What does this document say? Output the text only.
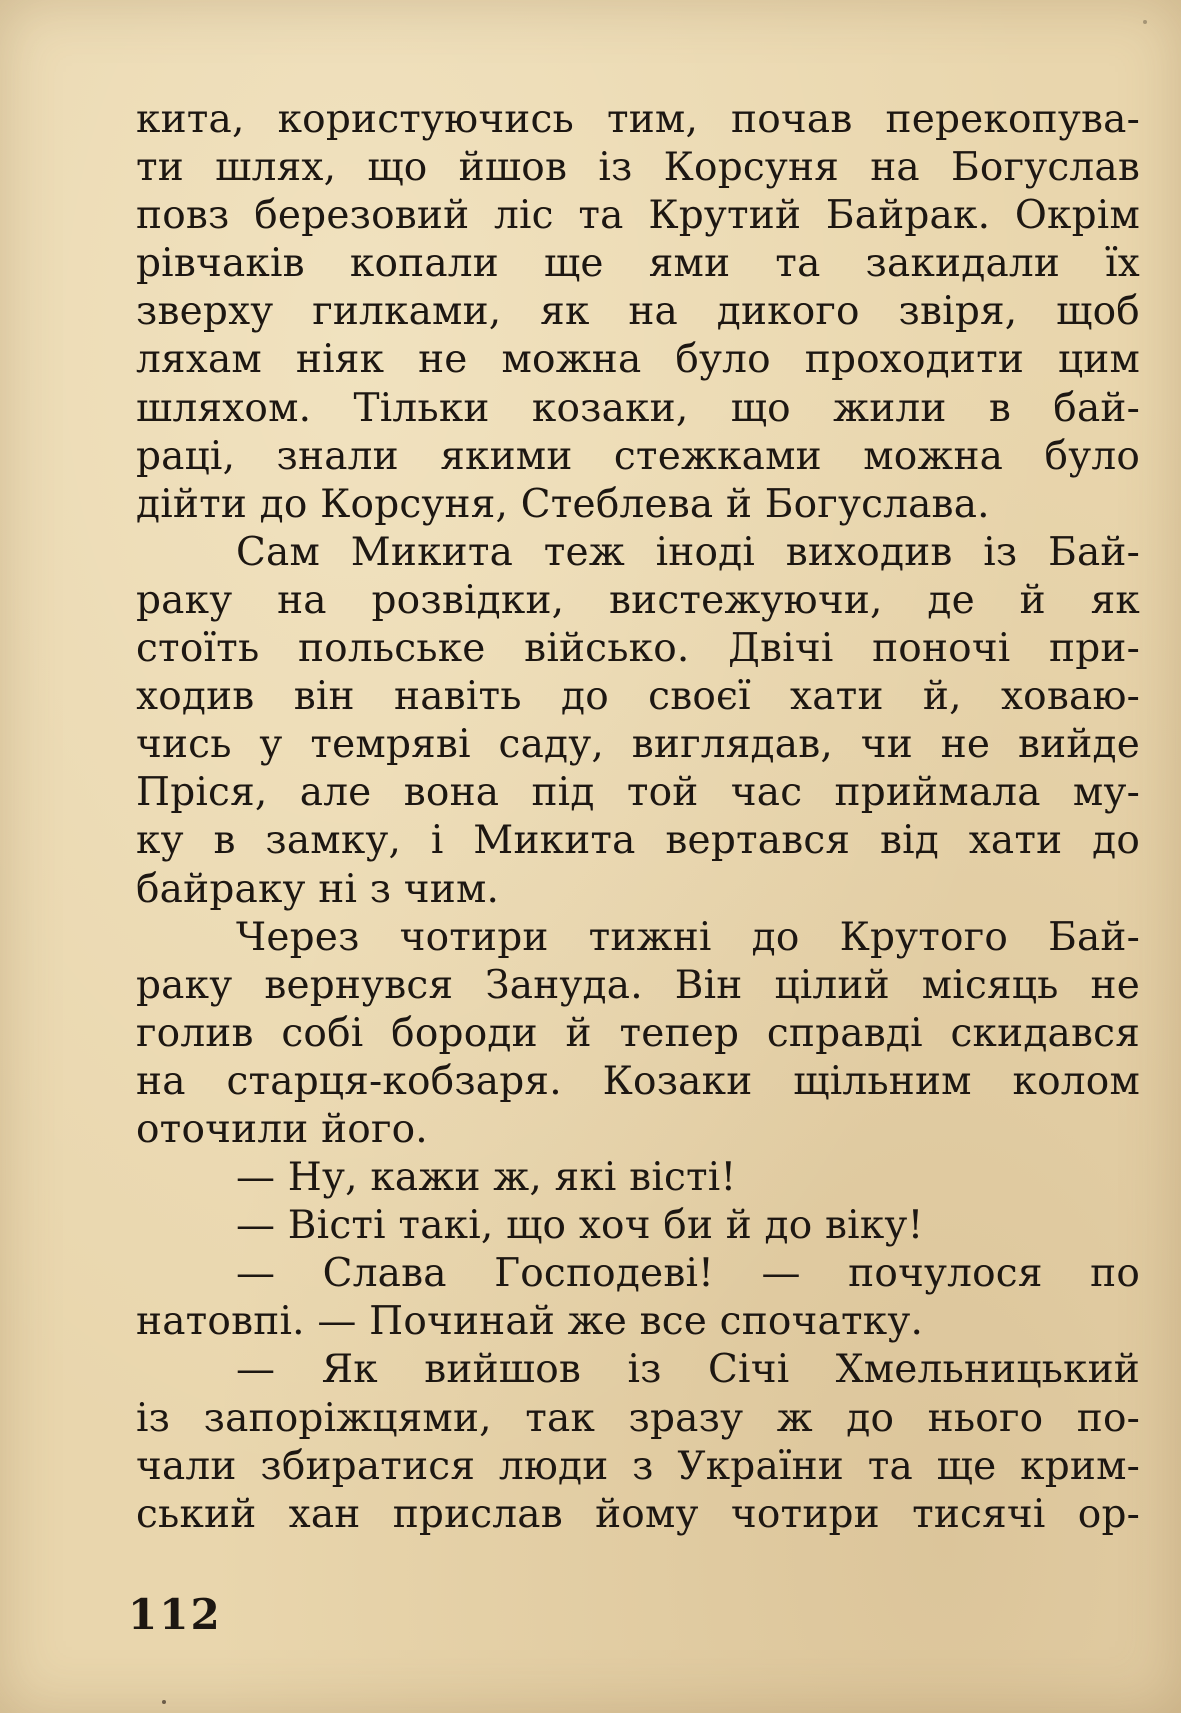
кита, користуючись тим, почав перекопува-
ти шлях, що йшов із Корсуня на Богуслав
повз березовий ліс та Крутий Байрак. Окрім
рівчаків копали ще ями та закидали їх
зверху гилками, як на дикого звіря, щоб
ляхам ніяк не можна було проходити цим
шляхом. Тільки козаки, що жили в бай-
раці, знали якими стежками можна було
дійти до Корсуня, Стеблева й Богуслава.
Сам Микита теж іноді виходив із Бай-
раку на розвідки, вистежуючи, де й як
стоїть польське військо. Двічі поночі при-
ходив він навіть до своєї хати й, ховаю-
чись у темряві саду, виглядав, чи не вийде
Пріся, але вона під той час приймала му-
ку в замку, і Микита вертався від хати до
байраку ні з чим.
Через чотири тижні до Крутого Бай-
раку вернувся Зануда. Він цілий місяць не
голив собі бороди й тепер справді скидався
на старця-кобзаря. Козаки щільним колом
оточили його.
— Ну, кажи ж, які вісті!
— Вісті такі, що хоч би й до віку!
— Слава Господеві! — почулося по
натовпі. — Починай же все спочатку.
— Як вийшов із Січі Хмельницький
із запоріжцями, так зразу ж до нього по-
чали збиратися люди з України та ще крим-
ський хан прислав йому чотири тисячі ор-
112
